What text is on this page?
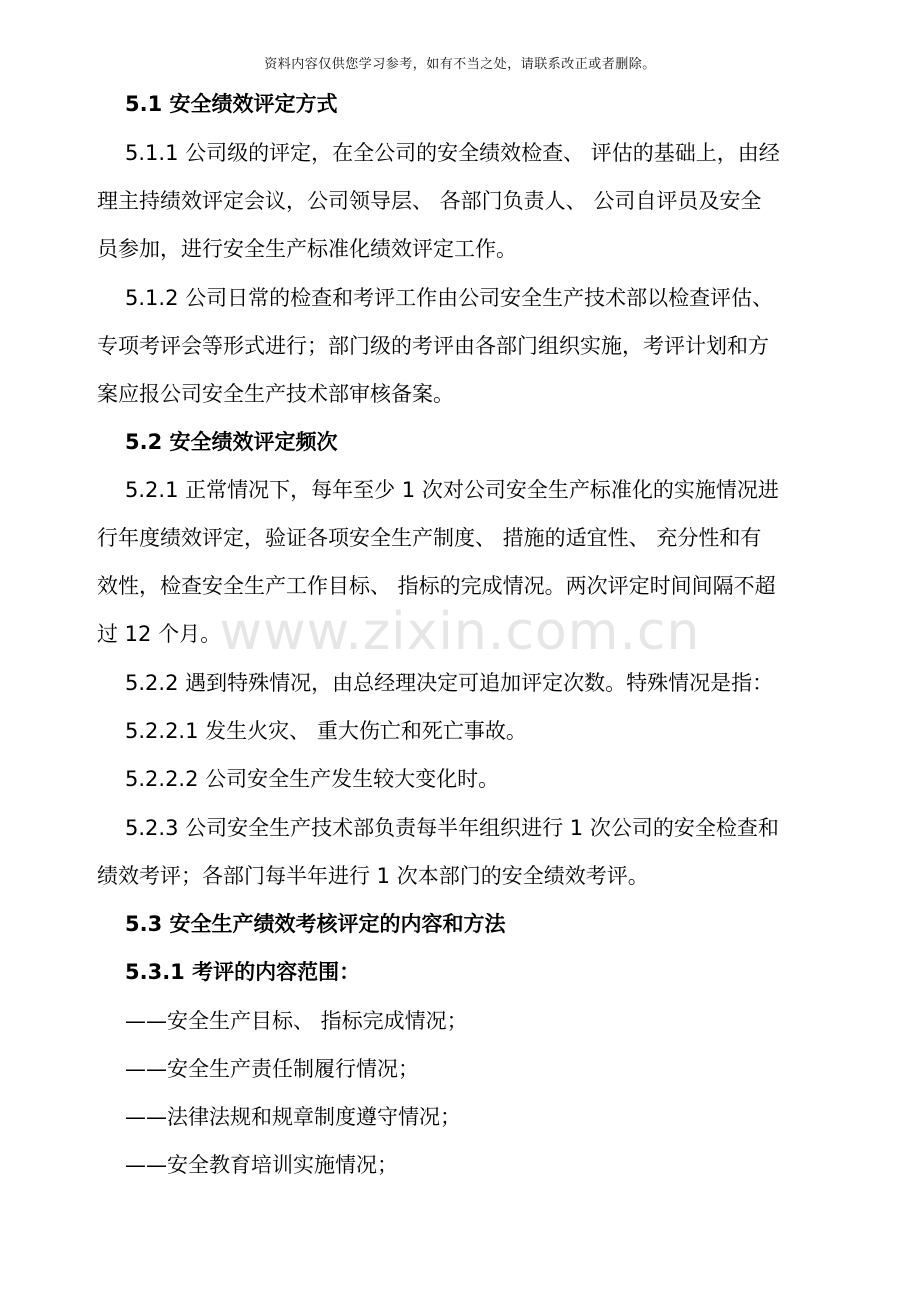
资料内容仅供您学习参考，如有不当之处，请联系改正或者删除。
www.zixin.com.cn
5.1 安全绩效评定方式
5.1.1 公司级的评定，在全公司的安全绩效检查、 评估的基础上，由经
理主持绩效评定会议，公司领导层、 各部门负责人、 公司自评员及安全
员参加，进行安全生产标准化绩效评定工作。
5.1.2 公司日常的检查和考评工作由公司安全生产技术部以检查评估、
专项考评会等形式进行；部门级的考评由各部门组织实施，考评计划和方
案应报公司安全生产技术部审核备案。
5.2 安全绩效评定频次
5.2.1 正常情况下，每年至少 1 次对公司安全生产标准化的实施情况进
行年度绩效评定，验证各项安全生产制度、 措施的适宜性、 充分性和有
效性，检查安全生产工作目标、 指标的完成情况。两次评定时间间隔不超
过 12 个月。
5.2.2 遇到特殊情况，由总经理决定可追加评定次数。特殊情况是指：
5.2.2.1 发生火灾、 重大伤亡和死亡事故。
5.2.2.2 公司安全生产发生较大变化时。
5.2.3 公司安全生产技术部负责每半年组织进行 1 次公司的安全检查和
绩效考评；各部门每半年进行 1 次本部门的安全绩效考评。
5.3 安全生产绩效考核评定的内容和方法
5.3.1 考评的内容范围：
——安全生产目标、 指标完成情况；
——安全生产责任制履行情况；
——法律法规和规章制度遵守情况；
——安全教育培训实施情况；
